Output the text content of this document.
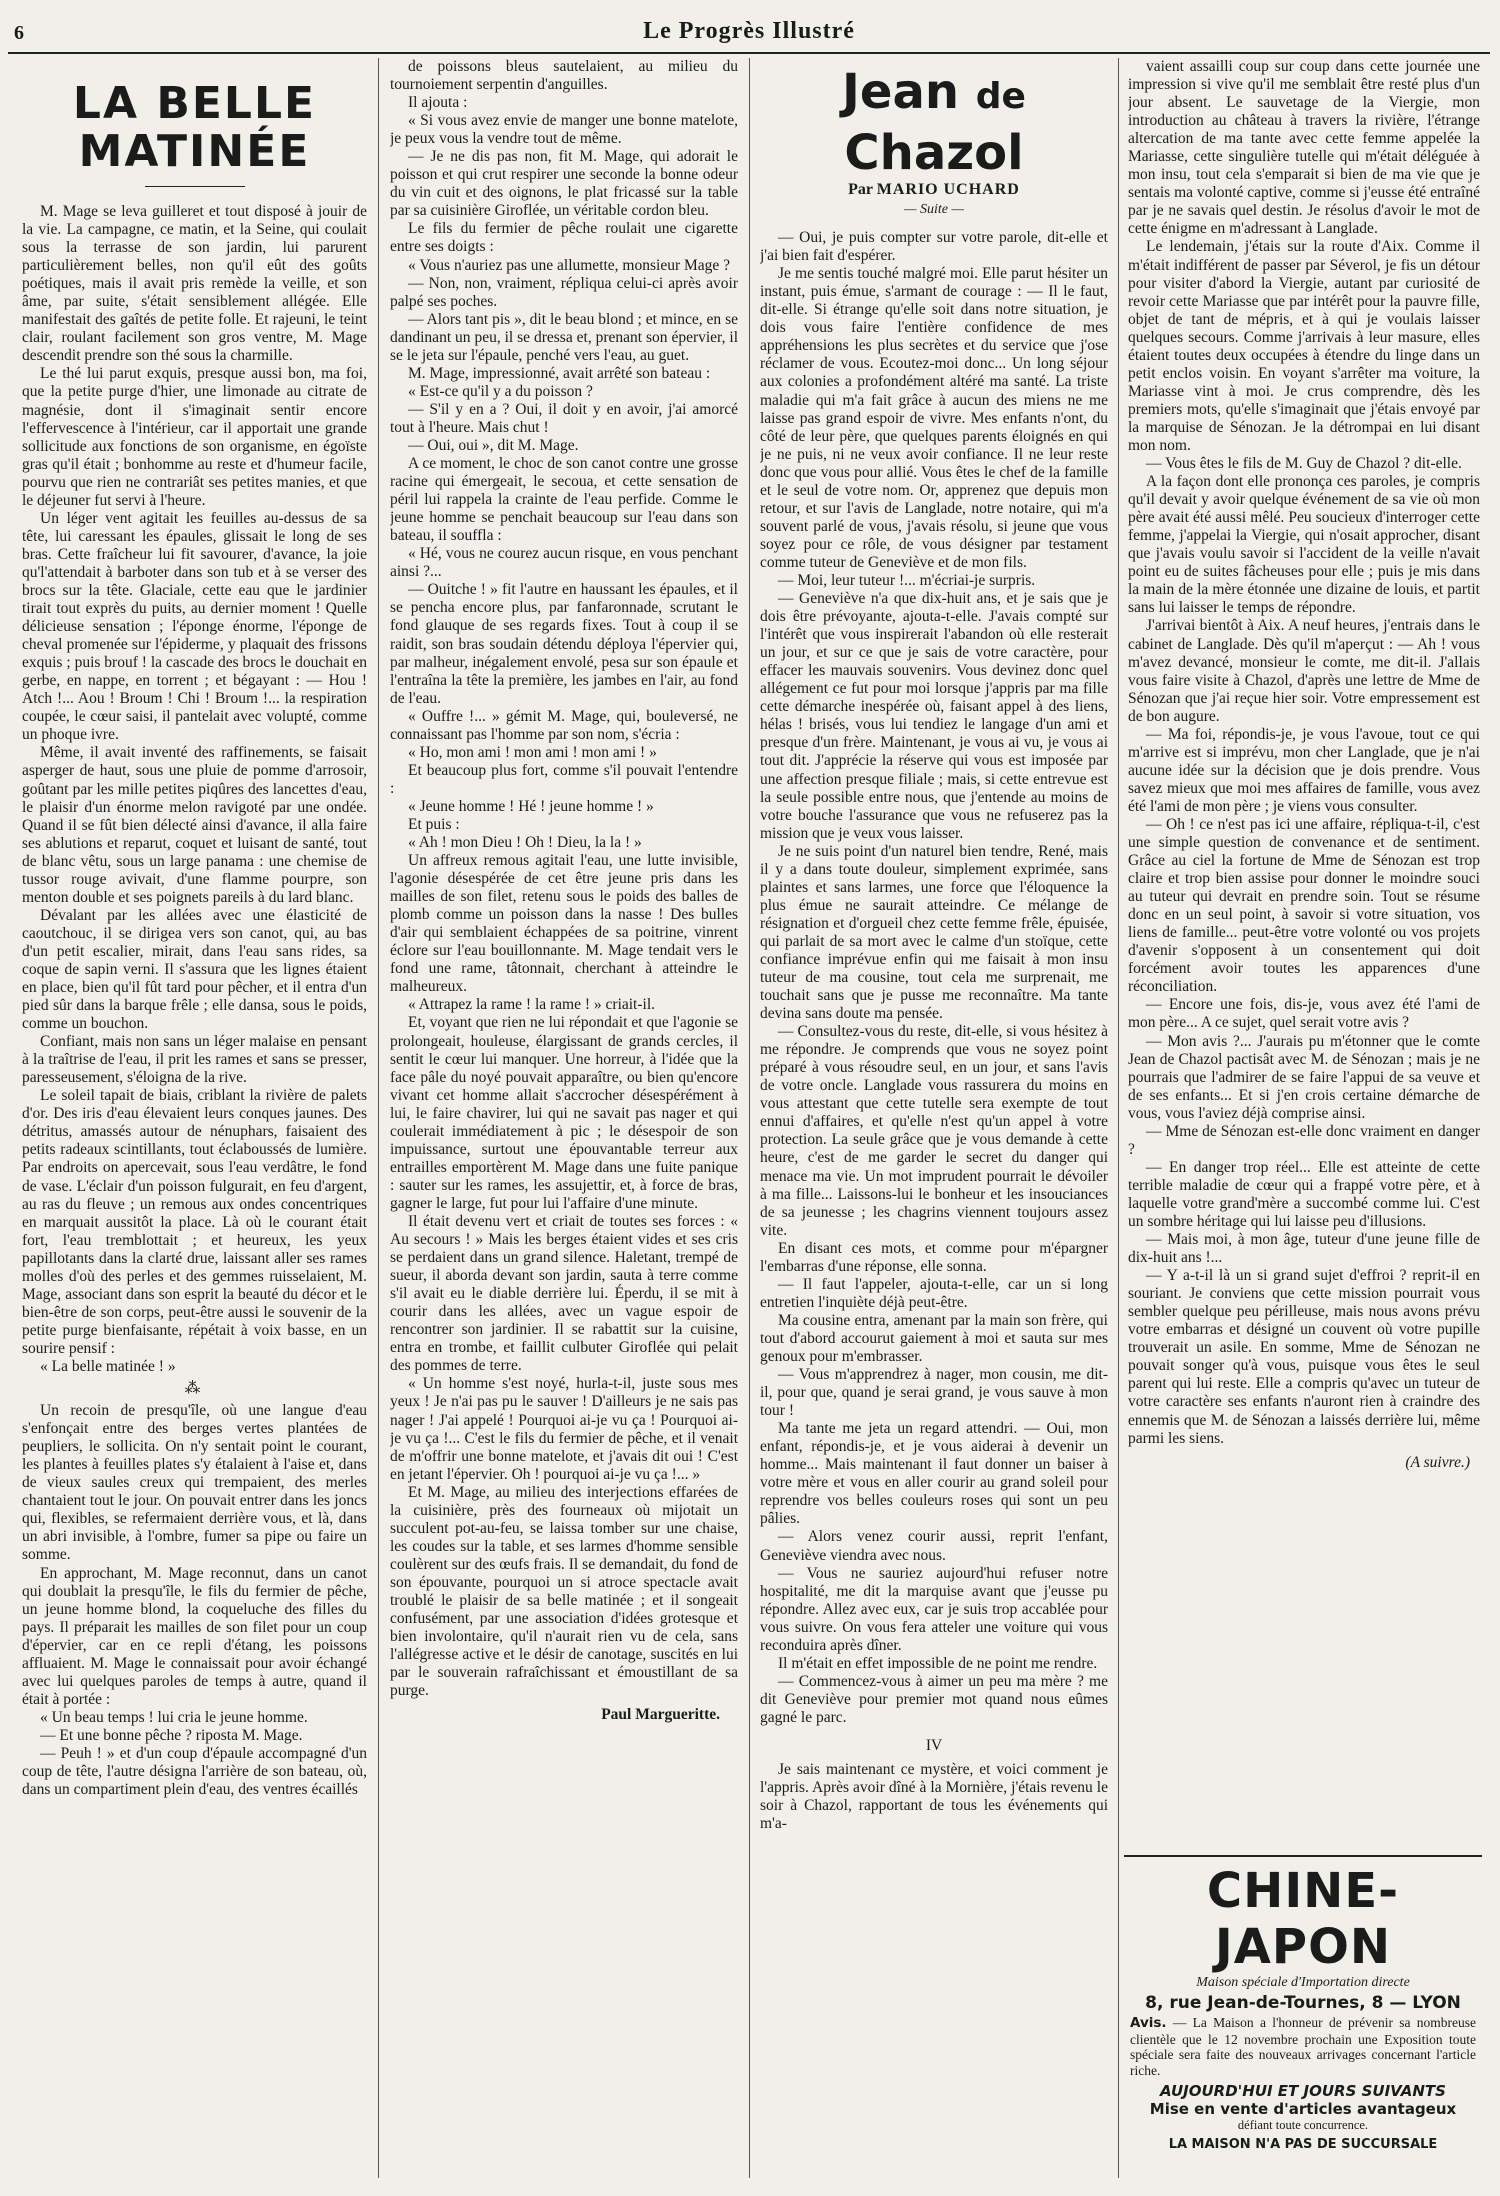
6	Le Progrès Illustré
LA BELLE MATINÉE

M. Mage se leva guilleret et tout disposé à jouir de la vie. La campagne, ce matin, et la Seine, qui coulait sous la terrasse de son jardin, lui parurent particulièrement belles, non qu'il eût des goûts poétiques, mais il avait pris remède la veille, et son âme, par suite, s'était sensiblement allégée. Elle manifestait des gaîtés de petite folle. Et rajeuni, le teint clair, roulant facilement son gros ventre, M. Mage descendit prendre son thé sous la charmille.

Le thé lui parut exquis, presque aussi bon, ma foi, que la petite purge d'hier, une limonade au citrate de magnésie, dont il s'imaginait sentir encore l'effervescence à l'intérieur, car il apportait une grande sollicitude aux fonctions de son organisme, en égoïste gras qu'il était ; bonhomme au reste et d'humeur facile, pourvu que rien ne contrariât ses petites manies, et que le déjeuner fut servi à l'heure.

Un léger vent agitait les feuilles au-dessus de sa tête, lui caressant les épaules, glissait le long de ses bras. Cette fraîcheur lui fit savourer, d'avance, la joie qu'l'attendait à barboter dans son tub et à se verser des brocs sur la tête. Glaciale, cette eau que le jardinier tirait tout exprès du puits, au dernier moment ! Quelle délicieuse sensation ; l'éponge énorme, l'éponge de cheval promenée sur l'épiderme, y plaquait des frissons exquis ; puis brouf ! la cascade des brocs le douchait en gerbe, en nappe, en torrent ; et bégayant : — Hou ! Atch !... Aou ! Broum ! Chi ! Broum !... la respiration coupée, le cœur saisi, il pantelait avec volupté, comme un phoque ivre.

Même, il avait inventé des raffinements, se faisait asperger de haut, sous une pluie de pomme d'arrosoir, goûtant par les mille petites piqûres des lancettes d'eau, le plaisir d'un énorme melon ravigoté par une ondée. Quand il se fût bien délecté ainsi d'avance, il alla faire ses ablutions et reparut, coquet et luisant de santé, tout de blanc vêtu, sous un large panama : une chemise de tussor rouge avivait, d'une flamme pourpre, son menton double et ses poignets pareils à du lard blanc.

Dévalant par les allées avec une élasticité de caoutchouc, il se dirigea vers son canot, qui, au bas d'un petit escalier, mirait, dans l'eau sans rides, sa coque de sapin verni. Il s'assura que les lignes étaient en place, bien qu'il fût tard pour pêcher, et il entra d'un pied sûr dans la barque frêle ; elle dansa, sous le poids, comme un bouchon.

Confiant, mais non sans un léger malaise en pensant à la traîtrise de l'eau, il prit les rames et sans se presser, paresseusement, s'éloigna de la rive.

Le soleil tapait de biais, criblant la rivière de palets d'or. Des iris d'eau élevaient leurs conques jaunes. Des détritus, amassés autour de nénuphars, faisaient des petits radeaux scintillants, tout éclaboussés de lumière. Par endroits on apercevait, sous l'eau verdâtre, le fond de vase. L'éclair d'un poisson fulgurait, en feu d'argent, au ras du fleuve ; un remous aux ondes concentriques en marquait aussitôt la place. Là où le courant était fort, l'eau tremblottait ; et heureux, les yeux papillotants dans la clarté drue, laissant aller ses rames molles d'où des perles et des gemmes ruisselaient, M. Mage, associant dans son esprit la beauté du décor et le bien-être de son corps, peut-être aussi le souvenir de la petite purge bienfaisante, répétait à voix basse, en un sourire pensif :

« La belle matinée ! »

⁂

Un recoin de presqu'île, où une langue d'eau s'enfonçait entre des berges vertes plantées de peupliers, le sollicita. On n'y sentait point le courant, les plantes à feuilles plates s'y étalaient à l'aise et, dans de vieux saules creux qui trempaient, des merles chantaient tout le jour. On pouvait entrer dans les joncs qui, flexibles, se refermaient derrière vous, et là, dans un abri invisible, à l'ombre, fumer sa pipe ou faire un somme.

En approchant, M. Mage reconnut, dans un canot qui doublait la presqu'île, le fils du fermier de pêche, un jeune homme blond, la coqueluche des filles du pays. Il préparait les mailles de son filet pour un coup d'épervier, car en ce repli d'étang, les poissons affluaient. M. Mage le connaissait pour avoir échangé avec lui quelques paroles de temps à autre, quand il était à portée :

« Un beau temps ! lui cria le jeune homme.

— Et une bonne pêche ? riposta M. Mage.

— Peuh ! » et d'un coup d'épaule accompagné d'un coup de tête, l'autre désigna l'arrière de son bateau, où, dans un compartiment plein d'eau, des ventres écaillés

de poissons bleus sautelaient, au milieu du tournoiement serpentin d'anguilles.

Il ajouta :

« Si vous avez envie de manger une bonne matelote, je peux vous la vendre tout de même.

— Je ne dis pas non, fit M. Mage, qui adorait le poisson et qui crut respirer une seconde la bonne odeur du vin cuit et des oignons, le plat fricassé sur la table par sa cuisinière Giroflée, un véritable cordon bleu.

Le fils du fermier de pêche roulait une cigarette entre ses doigts :

« Vous n'auriez pas une allumette, monsieur Mage ?

— Non, non, vraiment, répliqua celui-ci après avoir palpé ses poches.

— Alors tant pis », dit le beau blond ; et mince, en se dandinant un peu, il se dressa et, prenant son épervier, il se le jeta sur l'épaule, penché vers l'eau, au guet.

M. Mage, impressionné, avait arrêté son bateau :

« Est-ce qu'il y a du poisson ?

— S'il y en a ? Oui, il doit y en avoir, j'ai amorcé tout à l'heure. Mais chut !

— Oui, oui », dit M. Mage.

A ce moment, le choc de son canot contre une grosse racine qui émergeait, le secoua, et cette sensation de péril lui rappela la crainte de l'eau perfide. Comme le jeune homme se penchait beaucoup sur l'eau dans son bateau, il souffla :

« Hé, vous ne courez aucun risque, en vous penchant ainsi ?...

— Ouitche ! » fit l'autre en haussant les épaules, et il se pencha encore plus, par fanfaronnade, scrutant le fond glauque de ses regards fixes. Tout à coup il se raidit, son bras soudain détendu déploya l'épervier qui, par malheur, inégalement envolé, pesa sur son épaule et l'entraîna la tête la première, les jambes en l'air, au fond de l'eau.

« Ouffre !... » gémit M. Mage, qui, bouleversé, ne connaissant pas l'homme par son nom, s'écria :

« Ho, mon ami ! mon ami ! mon ami ! »

Et beaucoup plus fort, comme s'il pouvait l'entendre :

« Jeune homme ! Hé ! jeune homme ! »

Et puis :

« Ah ! mon Dieu ! Oh ! Dieu, la la ! »

Un affreux remous agitait l'eau, une lutte invisible, l'agonie désespérée de cet être jeune pris dans les mailles de son filet, retenu sous le poids des balles de plomb comme un poisson dans la nasse ! Des bulles d'air qui semblaient échappées de sa poitrine, vinrent éclore sur l'eau bouillonnante. M. Mage tendait vers le fond une rame, tâtonnait, cherchant à atteindre le malheureux.

« Attrapez la rame ! la rame ! » criait-il.

Et, voyant que rien ne lui répondait et que l'agonie se prolongeait, houleuse, élargissant de grands cercles, il sentit le cœur lui manquer. Une horreur, à l'idée que la face pâle du noyé pouvait apparaître, ou bien qu'encore vivant cet homme allait s'accrocher désespérément à lui, le faire chavirer, lui qui ne savait pas nager et qui coulerait immédiatement à pic ; le désespoir de son impuissance, surtout une épouvantable terreur aux entrailles emportèrent M. Mage dans une fuite panique : sauter sur les rames, les assujettir, et, à force de bras, gagner le large, fut pour lui l'affaire d'une minute.

Il était devenu vert et criait de toutes ses forces : « Au secours ! » Mais les berges étaient vides et ses cris se perdaient dans un grand silence. Haletant, trempé de sueur, il aborda devant son jardin, sauta à terre comme s'il avait eu le diable derrière lui. Éperdu, il se mit à courir dans les allées, avec un vague espoir de rencontrer son jardinier. Il se rabattit sur la cuisine, entra en trombe, et faillit culbuter Giroflée qui pelait des pommes de terre.

« Un homme s'est noyé, hurla-t-il, juste sous mes yeux ! Je n'ai pas pu le sauver ! D'ailleurs je ne sais pas nager ! J'ai appelé ! Pourquoi ai-je vu ça ! Pourquoi ai-je vu ça !... C'est le fils du fermier de pêche, et il venait de m'offrir une bonne matelote, et j'avais dit oui ! C'est en jetant l'épervier. Oh ! pourquoi ai-je vu ça !... »

Et M. Mage, au milieu des interjections effarées de la cuisinière, près des fourneaux où mijotait un succulent pot-au-feu, se laissa tomber sur une chaise, les coudes sur la table, et ses larmes d'homme sensible coulèrent sur des œufs frais. Il se demandait, du fond de son épouvante, pourquoi un si atroce spectacle avait troublé le plaisir de sa belle matinée ; et il songeait confusément, par une association d'idées grotesque et bien involontaire, qu'il n'aurait rien vu de cela, sans l'allégresse active et le désir de canotage, suscités en lui par le souverain rafraîchissant et émoustillant de sa purge.

Paul Margueritte.
Jean de Chazol
Par MARIO UCHARD
— Suite —

— Oui, je puis compter sur votre parole, dit-elle et j'ai bien fait d'espérer.

Je me sentis touché malgré moi. Elle parut hésiter un instant, puis émue, s'armant de courage : — Il le faut, dit-elle. Si étrange qu'elle soit dans notre situation, je dois vous faire l'entière confidence de mes appréhensions les plus secrètes et du service que j'ose réclamer de vous. Ecoutez-moi donc... Un long séjour aux colonies a profondément altéré ma santé. La triste maladie qui m'a fait grâce à aucun des miens ne me laisse pas grand espoir de vivre. Mes enfants n'ont, du côté de leur père, que quelques parents éloignés en qui je ne puis, ni ne veux avoir confiance. Il ne leur reste donc que vous pour allié. Vous êtes le chef de la famille et le seul de votre nom. Or, apprenez que depuis mon retour, et sur l'avis de Langlade, notre notaire, qui m'a souvent parlé de vous, j'avais résolu, si jeune que vous soyez pour ce rôle, de vous désigner par testament comme tuteur de Geneviève et de mon fils.

— Moi, leur tuteur !... m'écriai-je surpris.

— Geneviève n'a que dix-huit ans, et je sais que je dois être prévoyante, ajouta-t-elle. J'avais compté sur l'intérêt que vous inspirerait l'abandon où elle resterait un jour, et sur ce que je sais de votre caractère, pour effacer les mauvais souvenirs. Vous devinez donc quel allégement ce fut pour moi lorsque j'appris par ma fille cette démarche inespérée où, faisant appel à des liens, hélas ! brisés, vous lui tendiez le langage d'un ami et presque d'un frère. Maintenant, je vous ai vu, je vous ai tout dit. J'apprécie la réserve qui vous est imposée par une affection presque filiale ; mais, si cette entrevue est la seule possible entre nous, que j'entende au moins de votre bouche l'assurance que vous ne refuserez pas la mission que je veux vous laisser.

Je ne suis point d'un naturel bien tendre, René, mais il y a dans toute douleur, simplement exprimée, sans plaintes et sans larmes, une force que l'éloquence la plus émue ne saurait atteindre. Ce mélange de résignation et d'orgueil chez cette femme frêle, épuisée, qui parlait de sa mort avec le calme d'un stoïque, cette confiance imprévue enfin qui me faisait à mon insu tuteur de ma cousine, tout cela me surprenait, me touchait sans que je pusse me reconnaître. Ma tante devina sans doute ma pensée.

— Consultez-vous du reste, dit-elle, si vous hésitez à me répondre. Je comprends que vous ne soyez point préparé à vous résoudre seul, en un jour, et sans l'avis de votre oncle. Langlade vous rassurera du moins en vous attestant que cette tutelle sera exempte de tout ennui d'affaires, et qu'elle n'est qu'un appel à votre protection. La seule grâce que je vous demande à cette heure, c'est de me garder le secret du danger qui menace ma vie. Un mot imprudent pourrait le dévoiler à ma fille... Laissons-lui le bonheur et les insouciances de sa jeunesse ; les chagrins viennent toujours assez vite.

En disant ces mots, et comme pour m'épargner l'embarras d'une réponse, elle sonna.

— Il faut l'appeler, ajouta-t-elle, car un si long entretien l'inquiète déjà peut-être.

Ma cousine entra, amenant par la main son frère, qui tout d'abord accourut gaiement à moi et sauta sur mes genoux pour m'embrasser.

— Vous m'apprendrez à nager, mon cousin, me dit-il, pour que, quand je serai grand, je vous sauve à mon tour !

Ma tante me jeta un regard attendri. — Oui, mon enfant, répondis-je, et je vous aiderai à devenir un homme... Mais maintenant il faut donner un baiser à votre mère et vous en aller courir au grand soleil pour reprendre vos belles couleurs roses qui sont un peu pâlies.

— Alors venez courir aussi, reprit l'enfant, Geneviève viendra avec nous.

— Vous ne sauriez aujourd'hui refuser notre hospitalité, me dit la marquise avant que j'eusse pu répondre. Allez avec eux, car je suis trop accablée pour vous suivre. On vous fera atteler une voiture qui vous reconduira après dîner.

Il m'était en effet impossible de ne point me rendre.

— Commencez-vous à aimer un peu ma mère ? me dit Geneviève pour premier mot quand nous eûmes gagné le parc.

IV

Je sais maintenant ce mystère, et voici comment je l'appris. Après avoir dîné à la Mornière, j'étais revenu le soir à Chazol, rapportant de tous les événements qui m'a-

vaient assailli coup sur coup dans cette journée une impression si vive qu'il me semblait être resté plus d'un jour absent. Le sauvetage de la Viergie, mon introduction au château à travers la rivière, l'étrange altercation de ma tante avec cette femme appelée la Mariasse, cette singulière tutelle qui m'était déléguée à mon insu, tout cela s'emparait si bien de ma vie que je sentais ma volonté captive, comme si j'eusse été entraîné par je ne savais quel destin. Je résolus d'avoir le mot de cette énigme en m'adressant à Langlade.

Le lendemain, j'étais sur la route d'Aix. Comme il m'était indifférent de passer par Séverol, je fis un détour pour visiter d'abord la Viergie, autant par curiosité de revoir cette Mariasse que par intérêt pour la pauvre fille, objet de tant de mépris, et à qui je voulais laisser quelques secours. Comme j'arrivais à leur masure, elles étaient toutes deux occupées à étendre du linge dans un petit enclos voisin. En voyant s'arrêter ma voiture, la Mariasse vint à moi. Je crus comprendre, dès les premiers mots, qu'elle s'imaginait que j'étais envoyé par la marquise de Sénozan. Je la détrompai en lui disant mon nom.

— Vous êtes le fils de M. Guy de Chazol ? dit-elle.

A la façon dont elle prononça ces paroles, je compris qu'il devait y avoir quelque événement de sa vie où mon père avait été aussi mêlé. Peu soucieux d'interroger cette femme, j'appelai la Viergie, qui n'osait approcher, disant que j'avais voulu savoir si l'accident de la veille n'avait point eu de suites fâcheuses pour elle ; puis je mis dans la main de la mère étonnée une dizaine de louis, et partit sans lui laisser le temps de répondre.

J'arrivai bientôt à Aix. A neuf heures, j'entrais dans le cabinet de Langlade. Dès qu'il m'aperçut : — Ah ! vous m'avez devancé, monsieur le comte, me dit-il. J'allais vous faire visite à Chazol, d'après une lettre de Mme de Sénozan que j'ai reçue hier soir. Votre empressement est de bon augure.

— Ma foi, répondis-je, je vous l'avoue, tout ce qui m'arrive est si imprévu, mon cher Langlade, que je n'ai aucune idée sur la décision que je dois prendre. Vous savez mieux que moi mes affaires de famille, vous avez été l'ami de mon père ; je viens vous consulter.

— Oh ! ce n'est pas ici une affaire, répliqua-t-il, c'est une simple question de convenance et de sentiment. Grâce au ciel la fortune de Mme de Sénozan est trop claire et trop bien assise pour donner le moindre souci au tuteur qui devrait en prendre soin. Tout se résume donc en un seul point, à savoir si votre situation, vos liens de famille... peut-être votre volonté ou vos projets d'avenir s'opposent à un consentement qui doit forcément avoir toutes les apparences d'une réconciliation.

— Encore une fois, dis-je, vous avez été l'ami de mon père... A ce sujet, quel serait votre avis ?

— Mon avis ?... J'aurais pu m'étonner que le comte Jean de Chazol pactisât avec M. de Sénozan ; mais je ne pourrais que l'admirer de se faire l'appui de sa veuve et de ses enfants... Et si j'en crois certaine démarche de vous, vous l'aviez déjà comprise ainsi.

— Mme de Sénozan est-elle donc vraiment en danger ?

— En danger trop réel... Elle est atteinte de cette terrible maladie de cœur qui a frappé votre père, et à laquelle votre grand'mère a succombé comme lui. C'est un sombre héritage qui lui laisse peu d'illusions.

— Mais moi, à mon âge, tuteur d'une jeune fille de dix-huit ans !...

— Y a-t-il là un si grand sujet d'effroi ? reprit-il en souriant. Je conviens que cette mission pourrait vous sembler quelque peu périlleuse, mais nous avons prévu votre embarras et désigné un couvent où votre pupille trouverait un asile. En somme, Mme de Sénozan ne pouvait songer qu'à vous, puisque vous êtes le seul parent qui lui reste. Elle a compris qu'avec un tuteur de votre caractère ses enfants n'auront rien à craindre des ennemis que M. de Sénozan a laissés derrière lui, même parmi les siens.

(A suivre.)
CHINE-JAPON
Maison spéciale d'Importation directe
8, rue Jean-de-Tournes, 8 — LYON
Avis. — La Maison a l'honneur de prévenir sa nombreuse clientèle que le 12 novembre prochain une Exposition toute spéciale sera faite des nouveaux arrivages concernant l'article riche.
AUJOURD'HUI ET JOURS SUIVANTS
Mise en vente d'articles avantageux
défiant toute concurrence.
LA MAISON N'A PAS DE SUCCURSALE
